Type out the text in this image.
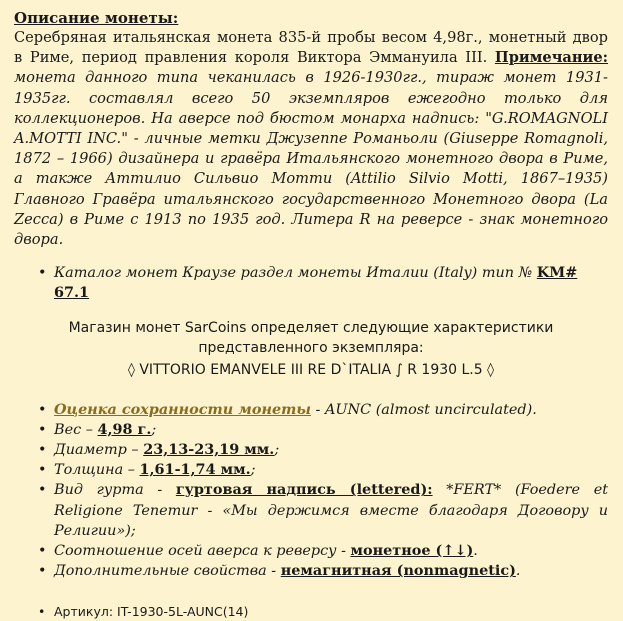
Описание монеты:

Серебряная итальянская монета 835-й пробы весом 4,98г., монетный двор в Риме, период правления короля Виктора Эммануила III. Примечание: монета данного типа чеканилась в 1926-1930гг., тираж монет 1931-1935гг. составлял всего 50 экземпляров ежегодно только для коллекционеров. На аверсе под бюстом монарха надпись: "G.ROMAGNOLI A.MOTTI INC." - личные метки Джузеппе Романьоли (Giuseppe Romagnoli, 1872 – 1966) дизайнера и гравёра Итальянского монетного двора в Риме, а также Аттилио Сильвио Мотти (Attilio Silvio Motti, 1867–1935) Главного Гравёра итальянского государственного Монетного двора (La Zecca) в Риме с 1913 по 1935 год. Литера R на реверсе - знак монетного двора.

• Каталог монет Краузе раздел монеты Италии (Italy) тип № KM# 67.1
Магазин монет SarCoins определяет следующие характеристики
представленного экземпляра:
◊ VITTORIO EMANVELE III RE D`ITALIA ∫ R 1930 L.5 ◊
• Оценка сохранности монеты - AUNC (almost uncirculated).
• Вес – 4,98 г.;
• Диаметр – 23,13-23,19 мм.;
• Толщина – 1,61-1,74 мм.;
• Вид гурта - гуртовая надпись (lettered): *FERT* (Foedere et Religione Tenemur - «Мы держимся вместе благодаря Договору и Религии»);
• Соотношение осей аверса к реверсу - монетное (↑↓).
• Дополнительные свойства - немагнитная (nonmagnetic).
• Артикул: IT-1930-5L-AUNC(14)
